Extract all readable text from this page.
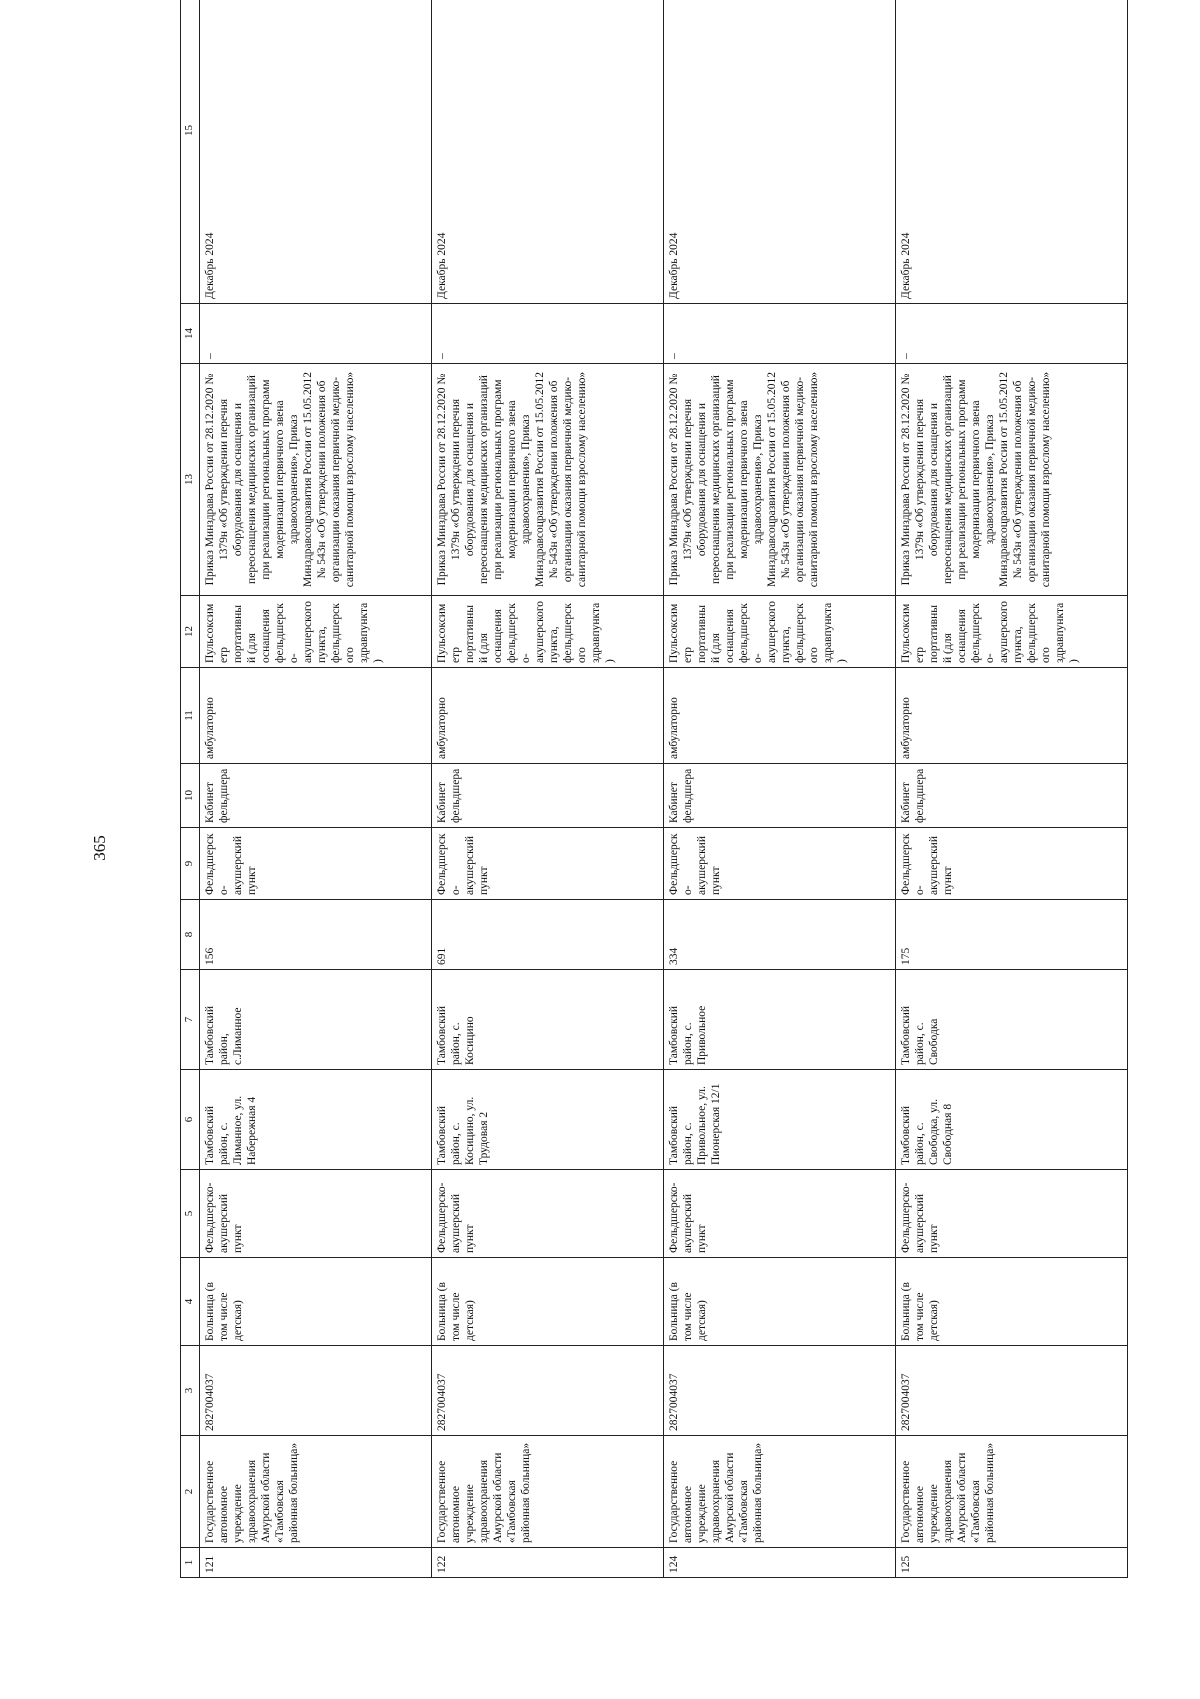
365
1	2	3	4	5	6	7	8	9	10	11	12	13	14	15
121	Государственное автономное учреждение здравоохранения Амурской области «Тамбовская районная больница»	2827004037	Больница (в том числе детская)	Фельдшерско-акушерский пункт	Тамбовский район, с. Лиманное, ул. Набережная 4	Тамбовский район, с.Лиманное	156	Фельдшерско-акушерский пункт	Кабинет фельдшера	амбулаторно	Пульсоксиметр портативный (для оснащения фельдшерско-акушерского пункта, фельдшерского здравпункта)	Приказ Минздрава России от 28.12.2020 № 1379н «Об утверждении перечня оборудования для оснащения и переоснащения медицинских организаций при реализации региональных программ модернизации первичного звена здравоохранения», Приказ Минздравсоцразвития России от 15.05.2012 № 543н «Об утверждении положения об организации оказания первичной медико-санитарной помощи взрослому населению»	–	Декабрь 2024
122	Государственное автономное учреждение здравоохранения Амурской области «Тамбовская районная больница»	2827004037	Больница (в том числе детская)	Фельдшерско-акушерский пункт	Тамбовский район, с. Косицино, ул. Трудовая 2	Тамбовский район, с. Косицино	691	Фельдшерско-акушерский пункт	Кабинет фельдшера	амбулаторно	Пульсоксиметр портативный (для оснащения фельдшерско-акушерского пункта, фельдшерского здравпункта)	Приказ Минздрава России от 28.12.2020 № 1379н «Об утверждении перечня оборудования для оснащения и переоснащения медицинских организаций при реализации региональных программ модернизации первичного звена здравоохранения», Приказ Минздравсоцразвития России от 15.05.2012 № 543н «Об утверждении положения об организации оказания первичной медико-санитарной помощи взрослому населению»	–	Декабрь 2024
124	Государственное автономное учреждение здравоохранения Амурской области «Тамбовская районная больница»	2827004037	Больница (в том числе детская)	Фельдшерско-акушерский пункт	Тамбовский район, с. Привольное, ул. Пионерская 12/1	Тамбовский район, с. Привольное	334	Фельдшерско-акушерский пункт	Кабинет фельдшера	амбулаторно	Пульсоксиметр портативный (для оснащения фельдшерско-акушерского пункта, фельдшерского здравпункта)	Приказ Минздрава России от 28.12.2020 № 1379н «Об утверждении перечня оборудования для оснащения и переоснащения медицинских организаций при реализации региональных программ модернизации первичного звена здравоохранения», Приказ Минздравсоцразвития России от 15.05.2012 № 543н «Об утверждении положения об организации оказания первичной медико-санитарной помощи взрослому населению»	–	Декабрь 2024
125	Государственное автономное учреждение здравоохранения Амурской области «Тамбовская районная больница»	2827004037	Больница (в том числе детская)	Фельдшерско-акушерский пункт	Тамбовский район, с. Свободка, ул. Свободная 8	Тамбовский район, с. Свободка	175	Фельдшерско-акушерский пункт	Кабинет фельдшера	амбулаторно	Пульсоксиметр портативный (для оснащения фельдшерско-акушерского пункта, фельдшерского здравпункта)	Приказ Минздрава России от 28.12.2020 № 1379н «Об утверждении перечня оборудования для оснащения и переоснащения медицинских организаций при реализации региональных программ модернизации первичного звена здравоохранения», Приказ Минздравсоцразвития России от 15.05.2012 № 543н «Об утверждении положения об организации оказания первичной медико-санитарной помощи взрослому населению»	–	Декабрь 2024
